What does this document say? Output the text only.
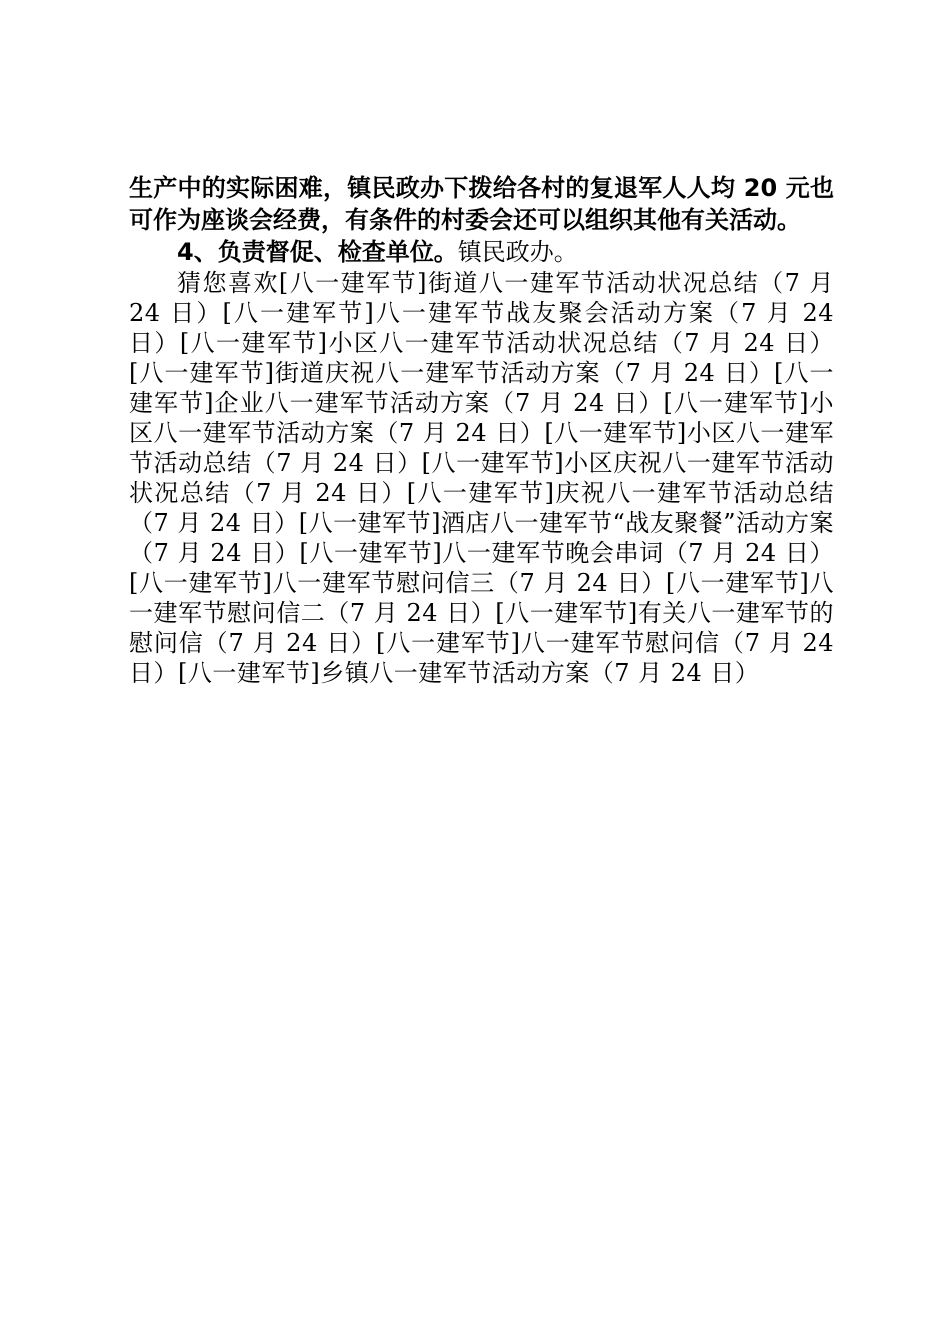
生产中的实际困难，镇民政办下拨给各村的复退军人人均 20 元也可作为座谈会经费，有条件的村委会还可以组织其他有关活动。

4、负责督促、检查单位。镇民政办。

猜您喜欢[八一建军节]街道八一建军节活动状况总结（7 月 24 日）[八一建军节]八一建军节战友聚会活动方案（7 月 24 日）[八一建军节]小区八一建军节活动状况总结（7 月 24 日）[八一建军节]街道庆祝八一建军节活动方案（7 月 24 日）[八一建军节]企业八一建军节活动方案（7 月 24 日）[八一建军节]小区八一建军节活动方案（7 月 24 日）[八一建军节]小区八一建军节活动总结（7 月 24 日）[八一建军节]小区庆祝八一建军节活动状况总结（7 月 24 日）[八一建军节]庆祝八一建军节活动总结（7 月 24 日）[八一建军节]酒店八一建军节“战友聚餐”活动方案（7 月 24 日）[八一建军节]八一建军节晚会串词（7 月 24 日）[八一建军节]八一建军节慰问信三（7 月 24 日）[八一建军节]八一建军节慰问信二（7 月 24 日）[八一建军节]有关八一建军节的慰问信（7 月 24 日）[八一建军节]八一建军节慰问信（7 月 24 日）[八一建军节]乡镇八一建军节活动方案（7 月 24 日）
